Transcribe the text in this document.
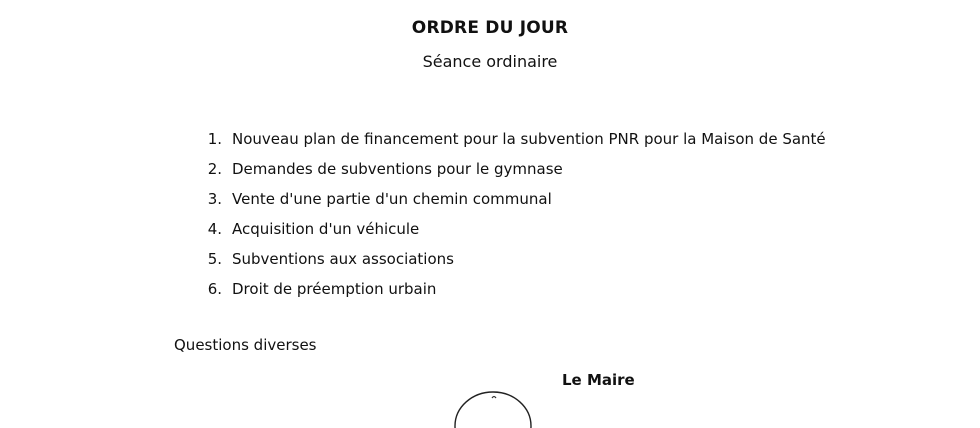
ORDRE DU JOUR
Séance ordinaire
1. Nouveau plan de financement pour la subvention PNR pour la Maison de Santé
2. Demandes de subventions pour le gymnase
3. Vente d'une partie d'un chemin communal
4. Acquisition d'un véhicule
5. Subventions aux associations
6. Droit de préemption urbain
Questions diverses
Le Maire
